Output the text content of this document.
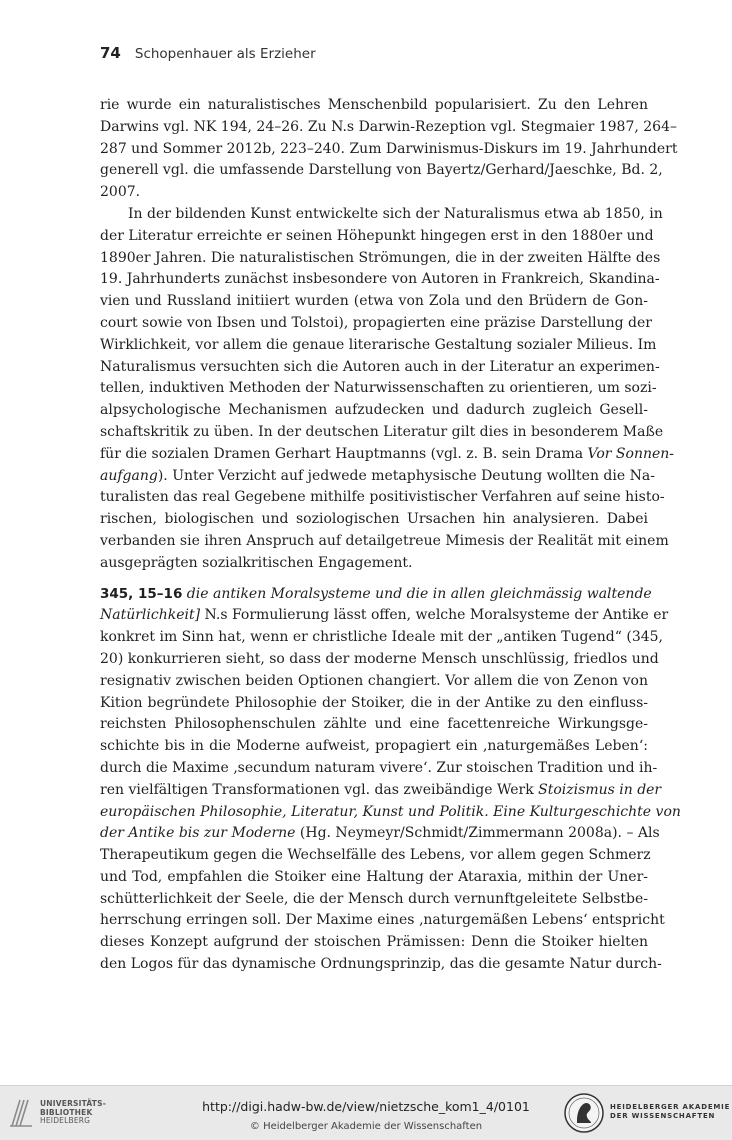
74 Schopenhauer als Erzieher
rie wurde ein naturalistisches Menschenbild popularisiert. Zu den Lehren
Darwins vgl. NK 194, 24–26. Zu N.s Darwin-Rezeption vgl. Stegmaier 1987, 264–
287 und Sommer 2012b, 223–240. Zum Darwinismus-Diskurs im 19. Jahrhundert
generell vgl. die umfassende Darstellung von Bayertz/Gerhard/Jaeschke, Bd. 2,
2007.
In der bildenden Kunst entwickelte sich der Naturalismus etwa ab 1850, in
der Literatur erreichte er seinen Höhepunkt hingegen erst in den 1880er und
1890er Jahren. Die naturalistischen Strömungen, die in der zweiten Hälfte des
19. Jahrhunderts zunächst insbesondere von Autoren in Frankreich, Skandina-
vien und Russland initiiert wurden (etwa von Zola und den Brüdern de Gon-
court sowie von Ibsen und Tolstoi), propagierten eine präzise Darstellung der
Wirklichkeit, vor allem die genaue literarische Gestaltung sozialer Milieus. Im
Naturalismus versuchten sich die Autoren auch in der Literatur an experimen-
tellen, induktiven Methoden der Naturwissenschaften zu orientieren, um sozi-
alpsychologische Mechanismen aufzudecken und dadurch zugleich Gesell-
schaftskritik zu üben. In der deutschen Literatur gilt dies in besonderem Maße
für die sozialen Dramen Gerhart Hauptmanns (vgl. z. B. sein Drama Vor Sonnen-
aufgang). Unter Verzicht auf jedwede metaphysische Deutung wollten die Na-
turalisten das real Gegebene mithilfe positivistischer Verfahren auf seine histo-
rischen, biologischen und soziologischen Ursachen hin analysieren. Dabei
verbanden sie ihren Anspruch auf detailgetreue Mimesis der Realität mit einem
ausgeprägten sozialkritischen Engagement.
345, 15–16 die antiken Moralsysteme und die in allen gleichmässig waltende
Natürlichkeit] N.s Formulierung lässt offen, welche Moralsysteme der Antike er
konkret im Sinn hat, wenn er christliche Ideale mit der „antiken Tugend“ (345,
20) konkurrieren sieht, so dass der moderne Mensch unschlüssig, friedlos und
resignativ zwischen beiden Optionen changiert. Vor allem die von Zenon von
Kition begründete Philosophie der Stoiker, die in der Antike zu den einfluss-
reichsten Philosophenschulen zählte und eine facettenreiche Wirkungsge-
schichte bis in die Moderne aufweist, propagiert ein ‚naturgemäßes Leben‘:
durch die Maxime ‚secundum naturam vivere‘. Zur stoischen Tradition und ih-
ren vielfältigen Transformationen vgl. das zweibändige Werk Stoizismus in der
europäischen Philosophie, Literatur, Kunst und Politik. Eine Kulturgeschichte von
der Antike bis zur Moderne (Hg. Neymeyr/Schmidt/Zimmermann 2008a). – Als
Therapeutikum gegen die Wechselfälle des Lebens, vor allem gegen Schmerz
und Tod, empfahlen die Stoiker eine Haltung der Ataraxia, mithin der Uner-
schütterlichkeit der Seele, die der Mensch durch vernunftgeleitete Selbstbe-
herrschung erringen soll. Der Maxime eines ‚naturgemäßen Lebens‘ entspricht
dieses Konzept aufgrund der stoischen Prämissen: Denn die Stoiker hielten
den Logos für das dynamische Ordnungsprinzip, das die gesamte Natur durch-
UNIVERSITÄTS-
BIBLIOTHEK
HEIDELBERG
http://digi.hadw-bw.de/view/nietzsche_kom1_4/0101
© Heidelberger Akademie der Wissenschaften
HEIDELBERGER AKADEMIE
DER WISSENSCHAFTEN
